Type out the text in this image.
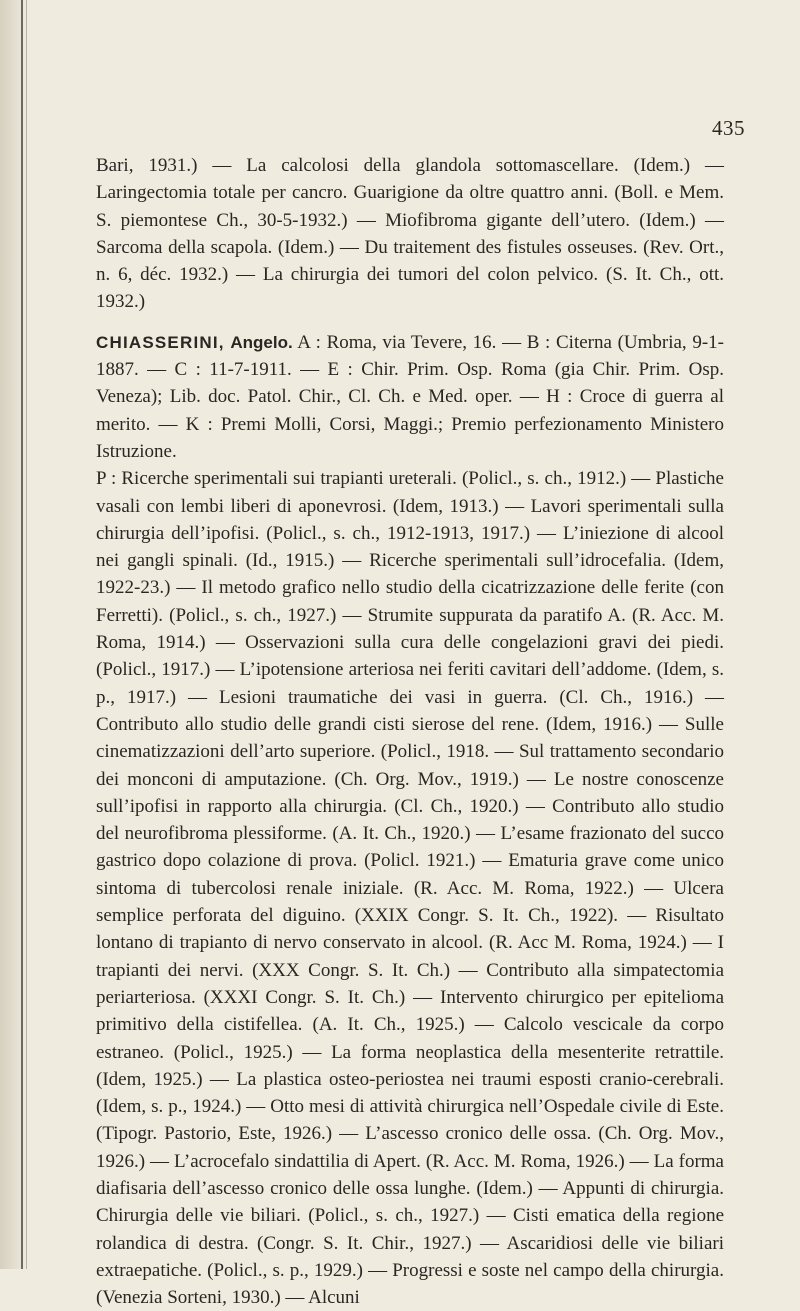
435

Bari, 1931.) — La calcolosi della glandola sottomascellare. (Idem.) — Laringectomia totale per cancro. Guarigione da oltre quattro anni. (Boll. e Mem. S. piemontese Ch., 30-5-1932.) — Miofibroma gigante dell’utero. (Idem.) — Sarcoma della scapola. (Idem.) — Du traitement des fistules osseuses. (Rev. Ort., n. 6, déc. 1932.) — La chirurgia dei tumori del colon pelvico. (S. It. Ch., ott. 1932.)

CHIASSERINI, Angelo. A : Roma, via Tevere, 16. — B : Citerna (Umbria, 9-1-1887. — C : 11-7-1911. — E : Chir. Prim. Osp. Roma (gia Chir. Prim. Osp. Veneza); Lib. doc. Patol. Chir., Cl. Ch. e Med. oper. — H : Croce di guerra al merito. — K : Premi Molli, Corsi, Maggi.; Premio perfezionamento Ministero Istruzione.

P : Ricerche sperimentali sui trapianti ureterali. (Policl., s. ch., 1912.) — Plastiche vasali con lembi liberi di aponevrosi. (Idem, 1913.) — Lavori sperimentali sulla chirurgia dell’ipofisi. (Policl., s. ch., 1912-1913, 1917.) — L’iniezione di alcool nei gangli spinali. (Id., 1915.) — Ricerche sperimentali sull’idrocefalia. (Idem, 1922-23.) — Il metodo grafico nello studio della cicatrizzazione delle ferite (con Ferretti). (Policl., s. ch., 1927.) — Strumite suppurata da paratifo A. (R. Acc. M. Roma, 1914.) — Osservazioni sulla cura delle congelazioni gravi dei piedi. (Policl., 1917.) — L’ipotensione arteriosa nei feriti cavitari dell’addome. (Idem, s. p., 1917.) — Lesioni traumatiche dei vasi in guerra. (Cl. Ch., 1916.) — Contributo allo studio delle grandi cisti sierose del rene. (Idem, 1916.) — Sulle cinematizzazioni dell’arto superiore. (Policl., 1918. — Sul trattamento secondario dei monconi di amputazione. (Ch. Org. Mov., 1919.) — Le nostre conoscenze sull’ipofisi in rapporto alla chirurgia. (Cl. Ch., 1920.) — Contributo allo studio del neurofibroma plessiforme. (A. It. Ch., 1920.) — L’esame frazionato del succo gastrico dopo colazione di prova. (Policl. 1921.) — Ematuria grave come unico sintoma di tubercolosi renale iniziale. (R. Acc. M. Roma, 1922.) — Ulcera semplice perforata del diguino. (XXIX Congr. S. It. Ch., 1922). — Risultato lontano di trapianto di nervo conservato in alcool. (R. Acc M. Roma, 1924.) — I trapianti dei nervi. (XXX Congr. S. It. Ch.) — Contributo alla simpatectomia periarteriosa. (XXXI Congr. S. It. Ch.) — Intervento chirurgico per epitelioma primitivo della cistifellea. (A. It. Ch., 1925.) — Calcolo vescicale da corpo estraneo. (Policl., 1925.) — La forma neoplastica della mesenterite retrattile. (Idem, 1925.) — La plastica osteo-periostea nei traumi esposti cranio-cerebrali. (Idem, s. p., 1924.) — Otto mesi di attività chirurgica nell’Ospedale civile di Este. (Tipogr. Pastorio, Este, 1926.) — L’ascesso cronico delle ossa. (Ch. Org. Mov., 1926.) — L’acrocefalo sindattilia di Apert. (R. Acc. M. Roma, 1926.) — La forma diafisaria dell’ascesso cronico delle ossa lunghe. (Idem.) — Appunti di chirurgia. Chirurgia delle vie biliari. (Policl., s. ch., 1927.) — Cisti ematica della regione rolandica di destra. (Congr. S. It. Chir., 1927.) — Ascaridiosi delle vie biliari extraepatiche. (Policl., s. p., 1929.) — Progressi e soste nel campo della chirurgia. (Venezia Sorteni, 1930.) — Alcuni
